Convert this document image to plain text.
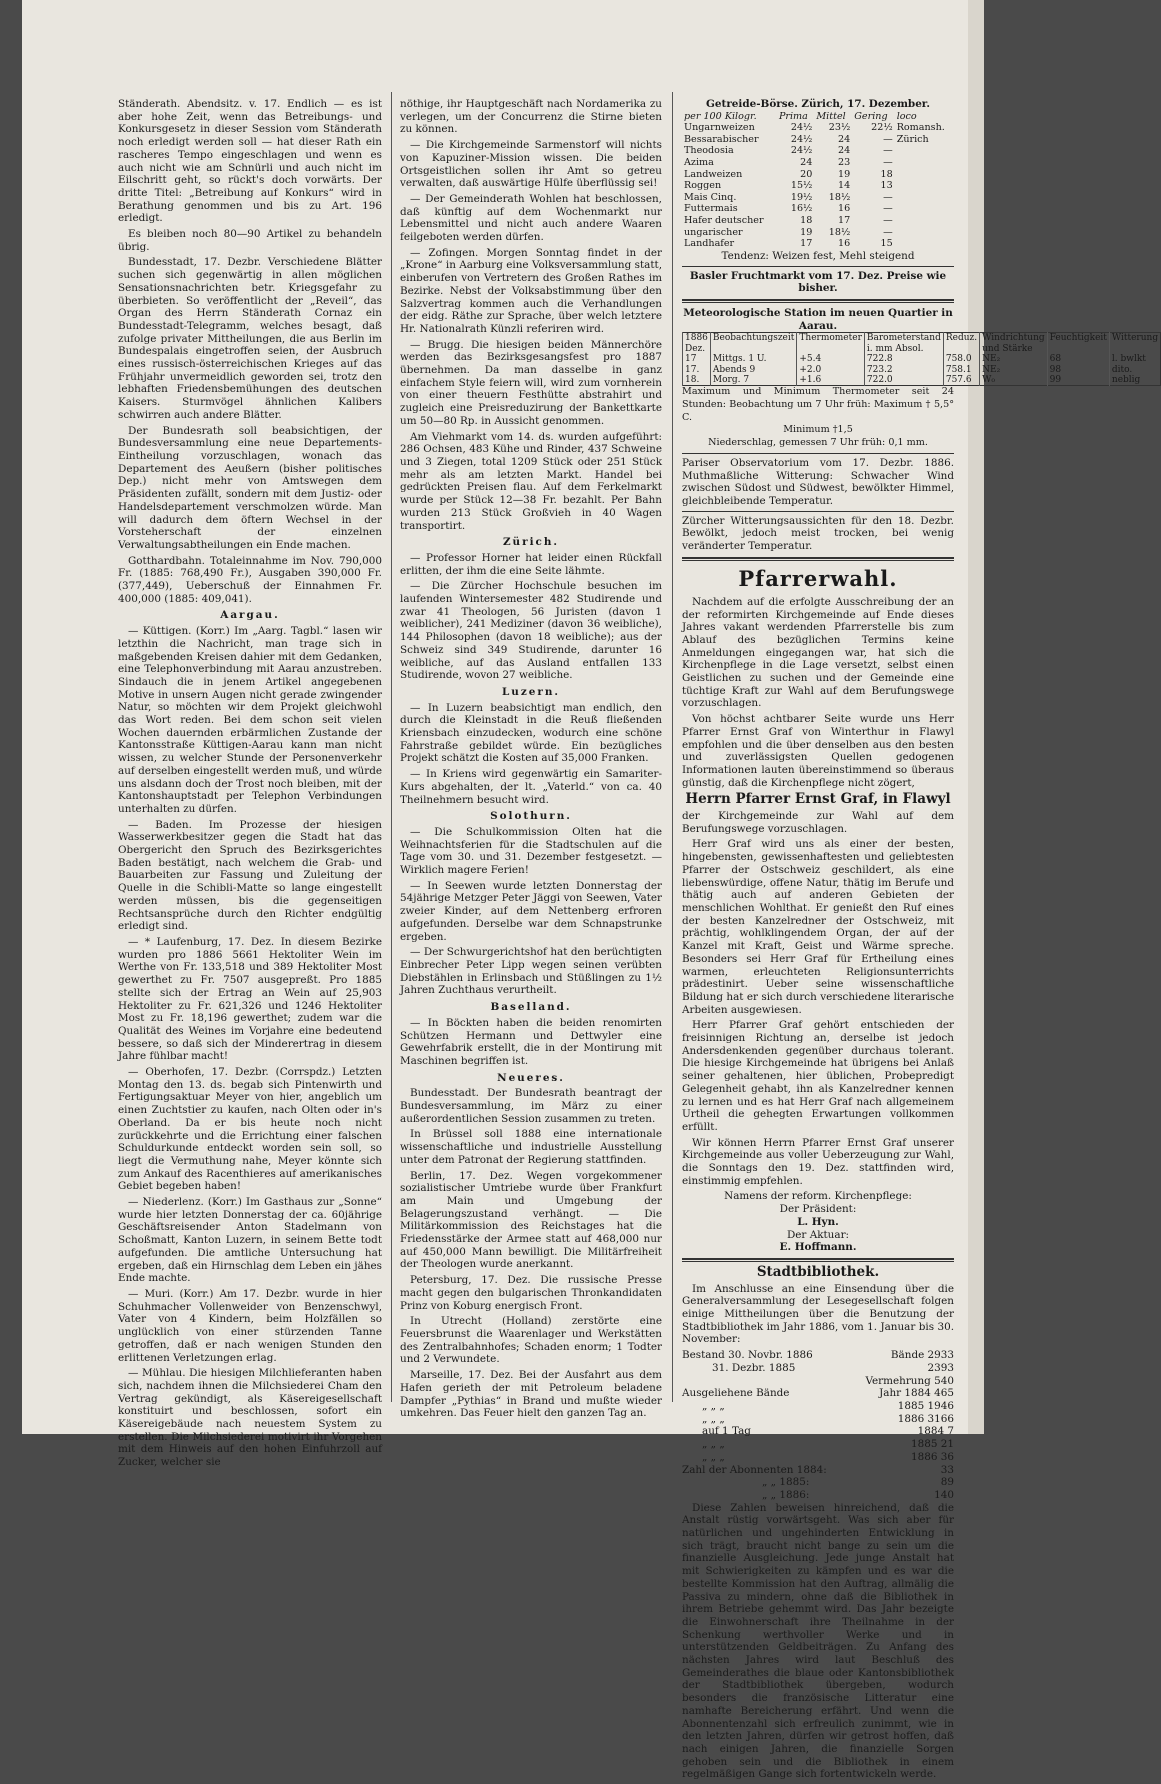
Ständerath. Abendsitz. v. 17. Endlich — es ist aber hohe Zeit, wenn das Betreibungs- und Konkursgesetz in dieser Session vom Ständerath noch erledigt werden soll — hat dieser Rath ein rascheres Tempo eingeschlagen und wenn es auch nicht wie am Schnürli und auch nicht im Eilschritt geht, so rückt's doch vorwärts. Der dritte Titel: „Betreibung auf Konkurs“ wird in Berathung genommen und bis zu Art. 196 erledigt.

Es bleiben noch 80—90 Artikel zu behandeln übrig.

Bundesstadt, 17. Dezbr. Verschiedene Blätter suchen sich gegenwärtig in allen möglichen Sensationsnachrichten betr. Kriegsgefahr zu überbieten. So veröffentlicht der „Reveil“, das Organ des Herrn Ständerath Cornaz ein Bundesstadt-Telegramm, welches besagt, daß zufolge privater Mittheilungen, die aus Berlin im Bundespalais eingetroffen seien, der Ausbruch eines russisch-österreichischen Krieges auf das Frühjahr unvermeidlich geworden sei, trotz den lebhaften Friedensbemühungen des deutschen Kaisers. Sturmvögel ähnlichen Kalibers schwirren auch andere Blätter.

Der Bundesrath soll beabsichtigen, der Bundesversammlung eine neue Departements-Eintheilung vorzuschlagen, wonach das Departement des Aeußern (bisher politisches Dep.) nicht mehr von Amtswegen dem Präsidenten zufällt, sondern mit dem Justiz- oder Handelsdepartement verschmolzen würde. Man will dadurch dem öftern Wechsel in der Vorsteherschaft der einzelnen Verwaltungsabtheilungen ein Ende machen.

Gotthardbahn. Totaleinnahme im Nov. 790,000 Fr. (1885: 768,490 Fr.), Ausgaben 390,000 Fr. (377,449), Ueberschuß der Einnahmen Fr. 400,000 (1885: 409,041).

Aargau.

— Küttigen. (Korr.) Im „Aarg. Tagbl.“ lasen wir letzthin die Nachricht, man trage sich in maßgebenden Kreisen dahier mit dem Gedanken, eine Telephonverbindung mit Aarau anzustreben. Sindauch die in jenem Artikel angegebenen Motive in unsern Augen nicht gerade zwingender Natur, so möchten wir dem Projekt gleichwohl das Wort reden. Bei dem schon seit vielen Wochen dauernden erbärmlichen Zustande der Kantonsstraße Küttigen-Aarau kann man nicht wissen, zu welcher Stunde der Personenverkehr auf derselben eingestellt werden muß, und würde uns alsdann doch der Trost noch bleiben, mit der Kantonshauptstadt per Telephon Verbindungen unterhalten zu dürfen.

— Baden. Im Prozesse der hiesigen Wasserwerkbesitzer gegen die Stadt hat das Obergericht den Spruch des Bezirksgerichtes Baden bestätigt, nach welchem die Grab- und Bauarbeiten zur Fassung und Zuleitung der Quelle in die Schibli-Matte so lange eingestellt werden müssen, bis die gegenseitigen Rechtsansprüche durch den Richter endgültig erledigt sind.

— * Laufenburg, 17. Dez. In diesem Bezirke wurden pro 1886 5661 Hektoliter Wein im Werthe von Fr. 133,518 und 389 Hektoliter Most gewerthet zu Fr. 7507 ausgepreßt. Pro 1885 stellte sich der Ertrag an Wein auf 25,903 Hektoliter zu Fr. 621,326 und 1246 Hektoliter Most zu Fr. 18,196 gewerthet; zudem war die Qualität des Weines im Vorjahre eine bedeutend bessere, so daß sich der Minderertrag in diesem Jahre fühlbar macht!

— Oberhofen, 17. Dezbr. (Corrspdz.) Letzten Montag den 13. ds. begab sich Pintenwirth und Fertigungsaktuar Meyer von hier, angeblich um einen Zuchtstier zu kaufen, nach Olten oder in's Oberland. Da er bis heute noch nicht zurückkehrte und die Errichtung einer falschen Schuldurkunde entdeckt worden sein soll, so liegt die Vermuthung nahe, Meyer könnte sich zum Ankauf des Racenthieres auf amerikanisches Gebiet begeben haben!

— Niederlenz. (Korr.) Im Gasthaus zur „Sonne“ wurde hier letzten Donnerstag der ca. 60jährige Geschäftsreisender Anton Stadelmann von Schoßmatt, Kanton Luzern, in seinem Bette todt aufgefunden. Die amtliche Untersuchung hat ergeben, daß ein Hirnschlag dem Leben ein jähes Ende machte.

— Muri. (Korr.) Am 17. Dezbr. wurde in hier Schuhmacher Vollenweider von Benzenschwyl, Vater von 4 Kindern, beim Holzfällen so unglücklich von einer stürzenden Tanne getroffen, daß er nach wenigen Stunden den erlittenen Verletzungen erlag.

— Mühlau. Die hiesigen Milchlieferanten haben sich, nachdem ihnen die Milchsiederei Cham den Vertrag gekündigt, als Käsereigesellschaft konstituirt und beschlossen, sofort ein Käsereigebäude nach neuestem System zu erstellen. Die Milchsiederei motivirt ihr Vorgehen mit dem Hinweis auf den hohen Einfuhrzoll auf Zucker, welcher sie

nöthige, ihr Hauptgeschäft nach Nordamerika zu verlegen, um der Concurrenz die Stirne bieten zu können.

— Die Kirchgemeinde Sarmenstorf will nichts von Kapuziner-Mission wissen. Die beiden Ortsgeistlichen sollen ihr Amt so getreu verwalten, daß auswärtige Hülfe überflüssig sei!

— Der Gemeinderath Wohlen hat beschlossen, daß künftig auf dem Wochenmarkt nur Lebensmittel und nicht auch andere Waaren feilgeboten werden dürfen.

— Zofingen. Morgen Sonntag findet in der „Krone“ in Aarburg eine Volksversammlung statt, einberufen von Vertretern des Großen Rathes im Bezirke. Nebst der Volksabstimmung über den Salzvertrag kommen auch die Verhandlungen der eidg. Räthe zur Sprache, über welch letztere Hr. Nationalrath Künzli referiren wird.

— Brugg. Die hiesigen beiden Männerchöre werden das Bezirksgesangsfest pro 1887 übernehmen. Da man dasselbe in ganz einfachem Style feiern will, wird zum vornherein von einer theuern Festhütte abstrahirt und zugleich eine Preisreduzirung der Bankettkarte um 50—80 Rp. in Aussicht genommen.

Am Viehmarkt vom 14. ds. wurden aufgeführt: 286 Ochsen, 483 Kühe und Rinder, 437 Schweine und 3 Ziegen, total 1209 Stück oder 251 Stück mehr als am letzten Markt. Handel bei gedrückten Preisen flau. Auf dem Ferkelmarkt wurde per Stück 12—38 Fr. bezahlt. Per Bahn wurden 213 Stück Großvieh in 40 Wagen transportirt.

Zürich.

— Professor Horner hat leider einen Rückfall erlitten, der ihm die eine Seite lähmte.

— Die Zürcher Hochschule besuchen im laufenden Wintersemester 482 Studirende und zwar 41 Theologen, 56 Juristen (davon 1 weiblicher), 241 Mediziner (davon 36 weibliche), 144 Philosophen (davon 18 weibliche); aus der Schweiz sind 349 Studirende, darunter 16 weibliche, auf das Ausland entfallen 133 Studirende, wovon 27 weibliche.

Luzern.

— In Luzern beabsichtigt man endlich, den durch die Kleinstadt in die Reuß fließenden Kriensbach einzudecken, wodurch eine schöne Fahrstraße gebildet würde. Ein bezügliches Projekt schätzt die Kosten auf 35,000 Franken.

— In Kriens wird gegenwärtig ein Samariter-Kurs abgehalten, der lt. „Vaterld.“ von ca. 40 Theilnehmern besucht wird.

Solothurn.

— Die Schulkommission Olten hat die Weihnachtsferien für die Stadtschulen auf die Tage vom 30. und 31. Dezember festgesetzt. — Wirklich magere Ferien!

— In Seewen wurde letzten Donnerstag der 54jährige Metzger Peter Jäggi von Seewen, Vater zweier Kinder, auf dem Nettenberg erfroren aufgefunden. Derselbe war dem Schnapstrunke ergeben.

— Der Schwurgerichtshof hat den berüchtigten Einbrecher Peter Lipp wegen seinen verübten Diebstählen in Erlinsbach und Stüßlingen zu 1½ Jahren Zuchthaus verurtheilt.

Baselland.

— In Böckten haben die beiden renomirten Schützen Hermann und Dettwyler eine Gewehrfabrik erstellt, die in der Montirung mit Maschinen begriffen ist.

Neueres.

Bundesstadt. Der Bundesrath beantragt der Bundesversammlung, im März zu einer außerordentlichen Session zusammen zu treten.

In Brüssel soll 1888 eine internationale wissenschaftliche und industrielle Ausstellung unter dem Patronat der Regierung stattfinden.

Berlin, 17. Dez. Wegen vorgekommener sozialistischer Umtriebe wurde über Frankfurt am Main und Umgebung der Belagerungszustand verhängt. — Die Militärkommission des Reichstages hat die Friedensstärke der Armee statt auf 468,000 nur auf 450,000 Mann bewilligt. Die Militärfreiheit der Theologen wurde anerkannt.

Petersburg, 17. Dez. Die russische Presse macht gegen den bulgarischen Thronkandidaten Prinz von Koburg energisch Front.

In Utrecht (Holland) zerstörte eine Feuersbrunst die Waarenlager und Werkstätten des Zentralbahnhofes; Schaden enorm; 1 Todter und 2 Verwundete.

Marseille, 17. Dez. Bei der Ausfahrt aus dem Hafen gerieth der mit Petroleum beladene Dampfer „Pythias“ in Brand und mußte wieder umkehren. Das Feuer hielt den ganzen Tag an.

Getreide-Börse. Zürich, 17. Dezember.
per 100 Kilogr.	Prima	Mittel	Gering	loco
Ungarnweizen	24½	23½	22½	Romansh.
Bessarabischer	24½	24	—	Zürich
Theodosia	24½	24	—	
Azima	24	23	—	
Landweizen	20	19	18	
Roggen	15½	14	13	
Mais Cinq.	19½	18½	—	
Futtermais	16½	16	—	
Hafer deutscher	18	17	—	
ungarischer	19	18½	—	
Landhafer	17	16	15	
Tendenz: Weizen fest, Mehl steigend
Basler Fruchtmarkt vom 17. Dez. Preise wie bisher.
Meteorologische Station im neuen Quartier in Aarau.
1886 Dez.	Beobachtungszeit	Thermometer	Barometerstand i. mm Absol.	Reduz.	Windrichtung und Stärke	Feuchtigkeit	Witterung
17	Mittgs. 1 U.	+5.4	722.8	758.0	NE₂	68	l. bwlkt
17.	Abends 9	+2.0	723.2	758.1	NE₂	98	dito.
18.	Morg. 7	+1.6	722.0	757.6	W₀	99	neblig
Maximum und Minimum Thermometer seit 24 Stunden: Beobachtung um 7 Uhr früh: Maximum † 5,5° C.
Minimum †1,5
Niederschlag, gemessen 7 Uhr früh: 0,1 mm.

Pariser Observatorium vom 17. Dezbr. 1886. Muthmaßliche Witterung: Schwacher Wind zwischen Südost und Südwest, bewölkter Himmel, gleichbleibende Temperatur.

Zürcher Witterungsaussichten für den 18. Dezbr. Bewölkt, jedoch meist trocken, bei wenig veränderter Temperatur.

Pfarrerwahl.

Nachdem auf die erfolgte Ausschreibung der an der reformirten Kirchgemeinde auf Ende dieses Jahres vakant werdenden Pfarrerstelle bis zum Ablauf des bezüglichen Termins keine Anmeldungen eingegangen war, hat sich die Kirchenpflege in die Lage versetzt, selbst einen Geistlichen zu suchen und der Gemeinde eine tüchtige Kraft zur Wahl auf dem Berufungswege vorzuschlagen.

Von höchst achtbarer Seite wurde uns Herr Pfarrer Ernst Graf von Winterthur in Flawyl empfohlen und die über denselben aus den besten und zuverlässigsten Quellen gedogenen Informationen lauten übereinstimmend so überaus günstig, daß die Kirchenpflege nicht zögert,

Herrn Pfarrer Ernst Graf, in Flawyl

der Kirchgemeinde zur Wahl auf dem Berufungswege vorzuschlagen.

Herr Graf wird uns als einer der besten, hingebensten, gewissenhaftesten und geliebtesten Pfarrer der Ostschweiz geschildert, als eine liebenswürdige, offene Natur, thätig im Berufe und thätig auch auf anderen Gebieten der menschlichen Wohlthat. Er genießt den Ruf eines der besten Kanzelredner der Ostschweiz, mit prächtig, wohlklingendem Organ, der auf der Kanzel mit Kraft, Geist und Wärme spreche. Besonders sei Herr Graf für Ertheilung eines warmen, erleuchteten Religionsunterrichts prädestinirt. Ueber seine wissenschaftliche Bildung hat er sich durch verschiedene literarische Arbeiten ausgewiesen.

Herr Pfarrer Graf gehört entschieden der freisinnigen Richtung an, derselbe ist jedoch Andersdenkenden gegenüber durchaus tolerant. Die hiesige Kirchgemeinde hat übrigens bei Anlaß seiner gehaltenen, hier üblichen, Probepredigt Gelegenheit gehabt, ihn als Kanzelredner kennen zu lernen und es hat Herr Graf nach allgemeinem Urtheil die gehegten Erwartungen vollkommen erfüllt.

Wir können Herrn Pfarrer Ernst Graf unserer Kirchgemeinde aus voller Ueberzeugung zur Wahl, die Sonntags den 19. Dez. stattfinden wird, einstimmig empfehlen.

Namens der reform. Kirchenpflege:
Der Präsident:
L. Hyn.
Der Aktuar:
E. Hoffmann.
Stadtbibliothek.

Im Anschlusse an eine Einsendung über die Generalversammlung der Lesegesellschaft folgen einige Mittheilungen über die Benutzung der Stadtbibliothek im Jahr 1886, vom 1. Januar bis 30. November:

Bestand 30. Novbr. 1886	Bände 2933
31. Dezbr. 1885	2393
Vermehrung 540
Ausgeliehene Bände	Jahr 1884 465
„ „ „	1885 1946
„ „ „	1886 3166
auf 1 Tag	1884 7
„ „ „	1885 21
„ „ „	1886 36
Zahl der Abonnenten 1884:	33
„ „ 1885:	89
„ „ 1886:	140

Diese Zahlen beweisen hinreichend, daß die Anstalt rüstig vorwärtsgeht. Was sich aber für natürlichen und ungehinderten Entwicklung in sich trägt, braucht nicht bange zu sein um die finanzielle Ausgleichung. Jede junge Anstalt hat mit Schwierigkeiten zu kämpfen und es war die bestellte Kommission hat den Auftrag, allmälig die Passiva zu mindern, ohne daß die Bibliothek in ihrem Betriebe gehemmt wird. Das Jahr bezeigte die Einwohnerschaft ihre Theilnahme in der Schenkung werthvoller Werke und in unterstützenden Geldbeiträgen. Zu Anfang des nächsten Jahres wird laut Beschluß des Gemeinderathes die blaue oder Kantonsbibliothek der Stadtbibliothek übergeben, wodurch besonders die französische Litteratur eine namhafte Bereicherung erfährt. Und wenn die Abonnentenzahl sich erfreulich zunimmt, wie in den letzten Jahren, dürfen wir getrost hoffen, daß nach einigen Jahren, die finanzielle Sorgen gehoben sein und die Bibliothek in einem regelmäßigen Gange sich fortentwickeln werde.
